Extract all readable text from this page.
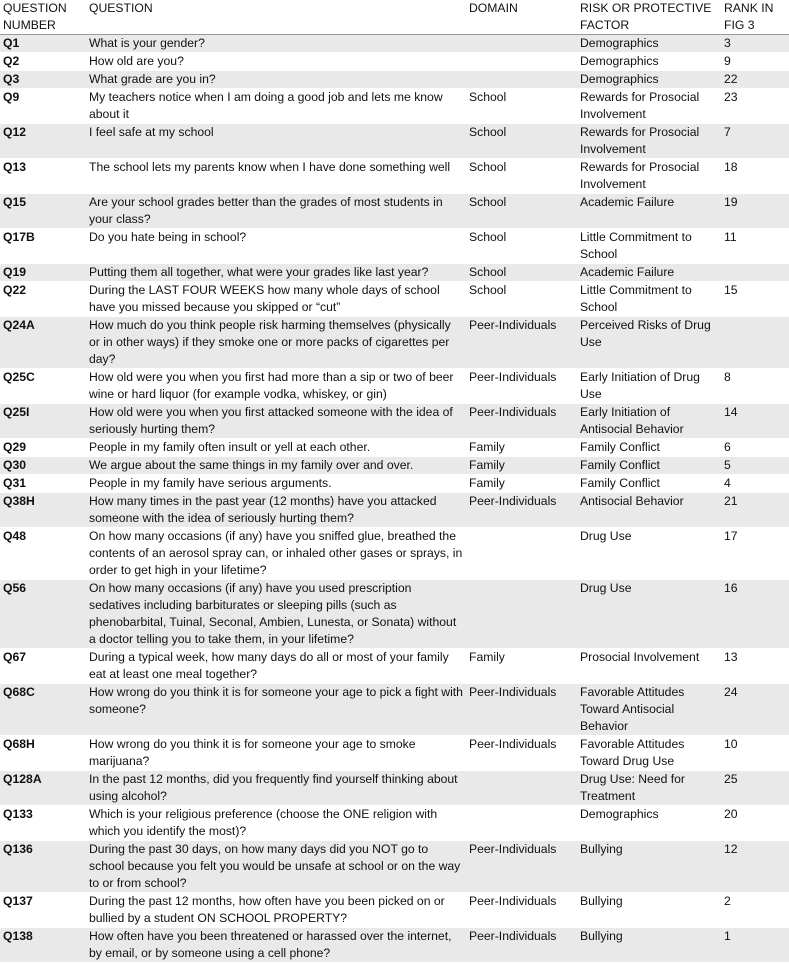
QUESTION NUMBER	QUESTION	DOMAIN	RISK OR PROTECTIVE FACTOR	RANK IN FIG 3
Q1	What is your gender?		Demographics	3
Q2	How old are you?		Demographics	9
Q3	What grade are you in?		Demographics	22
Q9	My teachers notice when I am doing a good job and lets me know about it	School	Rewards for Prosocial Involvement	23
Q12	I feel safe at my school	School	Rewards for Prosocial Involvement	7
Q13	The school lets my parents know when I have done something well	School	Rewards for Prosocial Involvement	18
Q15	Are your school grades better than the grades of most students in your class?	School	Academic Failure	19
Q17B	Do you hate being in school?	School	Little Commitment to School	11
Q19	Putting them all together, what were your grades like last year?	School	Academic Failure	
Q22	During the LAST FOUR WEEKS how many whole days of school have you missed because you skipped or “cut”	School	Little Commitment to School	15
Q24A	How much do you think people risk harming themselves (physically or in other ways) if they smoke one or more packs of cigarettes per day?	Peer-Individuals	Perceived Risks of Drug Use	
Q25C	How old were you when you first had more than a sip or two of beer wine or hard liquor (for example vodka, whiskey, or gin)	Peer-Individuals	Early Initiation of Drug Use	8
Q25I	How old were you when you first attacked someone with the idea of seriously hurting them?	Peer-Individuals	Early Initiation of Antisocial Behavior	14
Q29	People in my family often insult or yell at each other.	Family	Family Conflict	6
Q30	We argue about the same things in my family over and over.	Family	Family Conflict	5
Q31	People in my family have serious arguments.	Family	Family Conflict	4
Q38H	How many times in the past year (12 months) have you attacked someone with the idea of seriously hurting them?	Peer-Individuals	Antisocial Behavior	21
Q48	On how many occasions (if any) have you sniffed glue, breathed the contents of an aerosol spray can, or inhaled other gases or sprays, in order to get high in your lifetime?		Drug Use	17
Q56	On how many occasions (if any) have you used prescription sedatives including barbiturates or sleeping pills (such as phenobarbital, Tuinal, Seconal, Ambien, Lunesta, or Sonata) without a doctor telling you to take them, in your lifetime?		Drug Use	16
Q67	During a typical week, how many days do all or most of your family eat at least one meal together?	Family	Prosocial Involvement	13
Q68C	How wrong do you think it is for someone your age to pick a fight with someone?	Peer-Individuals	Favorable Attitudes Toward Antisocial Behavior	24
Q68H	How wrong do you think it is for someone your age to smoke marijuana?	Peer-Individuals	Favorable Attitudes Toward Drug Use	10
Q128A	In the past 12 months, did you frequently find yourself thinking about using alcohol?		Drug Use: Need for Treatment	25
Q133	Which is your religious preference (choose the ONE religion with which you identify the most)?		Demographics	20
Q136	During the past 30 days, on how many days did you NOT go to school because you felt you would be unsafe at school or on the way to or from school?	Peer-Individuals	Bullying	12
Q137	During the past 12 months, how often have you been picked on or bullied by a student ON SCHOOL PROPERTY?	Peer-Individuals	Bullying	2
Q138	How often have you been threatened or harassed over the internet, by email, or by someone using a cell phone?	Peer-Individuals	Bullying	1
